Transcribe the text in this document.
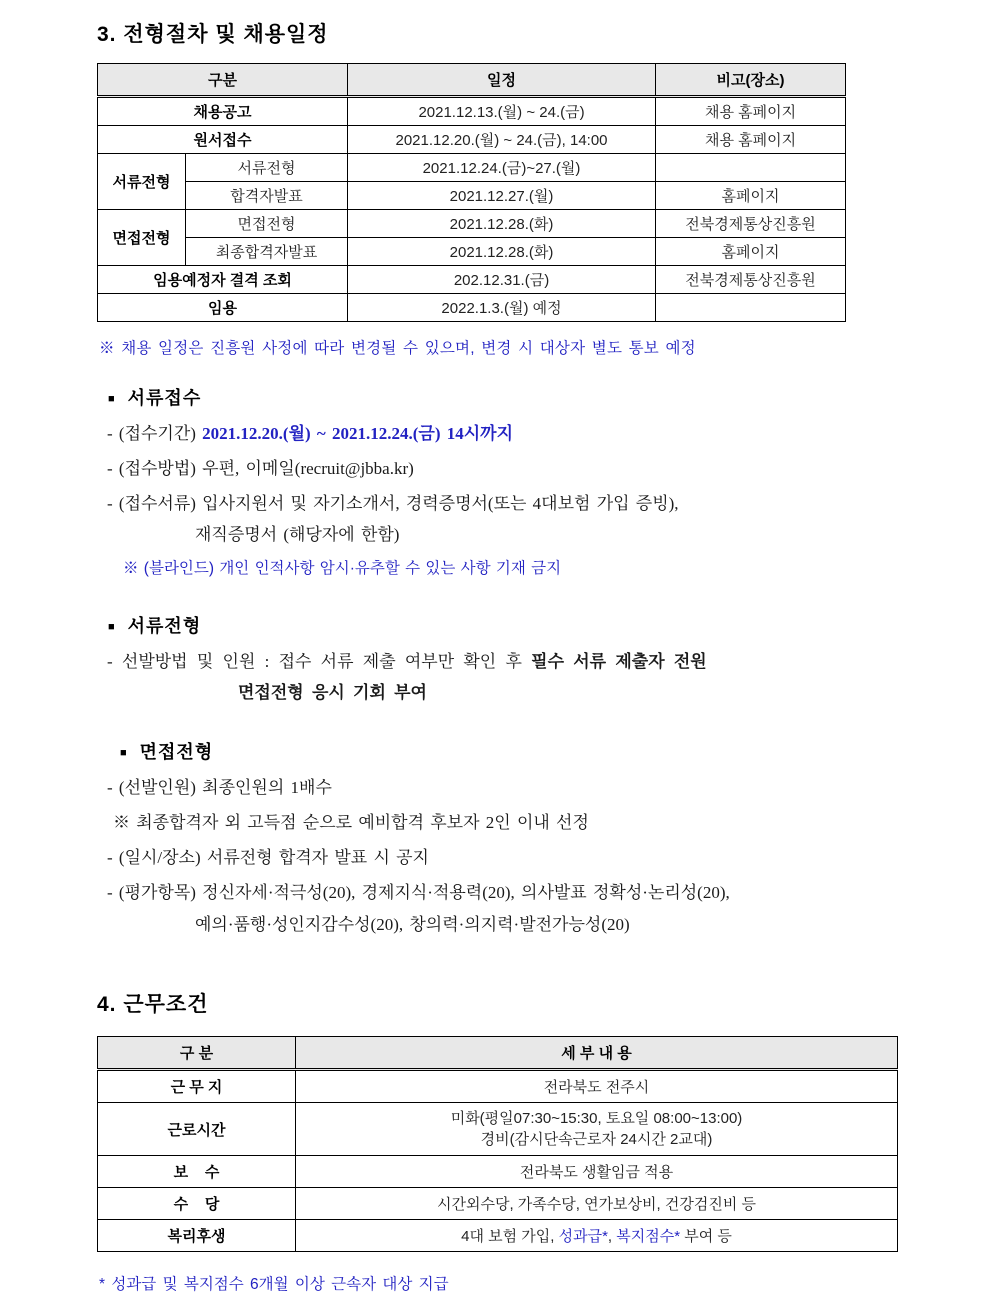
3. 전형절차 및 채용일정
구분		일정	비고(장소)
채용공고		2021.12.13.(월) ~ 24.(금)	채용 홈페이지
원서접수		2021.12.20.(월) ~ 24.(금), 14:00	채용 홈페이지
서류전형	서류전형	2021.12.24.(금)~27.(월)	
	합격자발표	2021.12.27.(월)	홈페이지
면접전형	면접전형	2021.12.28.(화)	전북경제통상진흥원
	최종합격자발표	2021.12.28.(화)	홈페이지
임용예정자 결격 조회		202.12.31.(금)	전북경제통상진흥원
임용		2022.1.3.(월) 예정	

※ 채용 일정은 진흥원 사정에 따라 변경될 수 있으며, 변경 시 대상자 별도 통보 예정

■ 서류접수

- (접수기간) 2021.12.20.(월) ~ 2021.12.24.(금) 14시까지

- (접수방법) 우편, 이메일(recruit@jbba.kr)

- (접수서류) 입사지원서 및 자기소개서, 경력증명서(또는 4대보험 가입 증빙),

재직증명서 (해당자에 한함)

※ (블라인드) 개인 인적사항 암시·유추할 수 있는 사항 기재 금지

■ 서류전형

- 선발방법 및 인원 : 접수 서류 제출 여부만 확인 후 필수 서류 제출자 전원

면접전형 응시 기회 부여

■ 면접전형

- (선발인원) 최종인원의 1배수

※ 최종합격자 외 고득점 순으로 예비합격 후보자 2인 이내 선정

- (일시/장소) 서류전형 합격자 발표 시 공지

- (평가항목) 정신자세·적극성(20), 경제지식·적용력(20), 의사발표 정확성·논리성(20),

예의·품행·성인지감수성(20), 창의력·의지력·발전가능성(20)

4. 근무조건
구 분	세 부 내 용
근 무 지	전라북도 전주시
근로시간	미화(평일07:30~15:30, 토요일 08:00~13:00)
경비(감시단속근로자 24시간 2교대)

보    수	전라북도 생활임금 적용
수    당	시간외수당, 가족수당, 연가보상비, 건강검진비 등
복리후생	4대 보험 가입, 성과급*, 복지점수* 부여 등

* 성과급 및 복지점수 6개월 이상 근속자 대상 지급
